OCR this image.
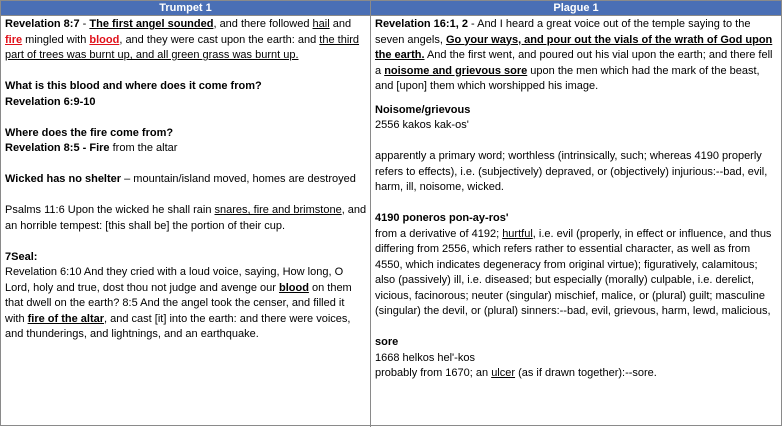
Trumpet 1	Plague 1

Revelation 8:7 - The first angel sounded, and there followed hail and fire mingled with blood, and they were cast upon the earth: and the third part of trees was burnt up, and all green grass was burnt up.

What is this blood and where does it come from?

Revelation 6:9-10

Where does the fire come from?

Revelation 8:5 - Fire from the altar

Wicked has no shelter – mountain/island moved, homes are destroyed

Psalms 11:6 Upon the wicked he shall rain snares, fire and brimstone, and an horrible tempest: [this shall be] the portion of their cup.

7Seal:

Revelation 6:10 And they cried with a loud voice, saying, How long, O Lord, holy and true, dost thou not judge and avenge our blood on them that dwell on the earth? 8:5 And the angel took the censer, and filled it with fire of the altar, and cast [it] into the earth: and there were voices, and thunderings, and lightnings, and an earthquake.

Revelation 16:1, 2 - And I heard a great voice out of the temple saying to the seven angels, Go your ways, and pour out the vials of the wrath of God upon the earth. And the first went, and poured out his vial upon the earth; and there fell a noisome and grievous sore upon the men which had the mark of the beast, and [upon] them which worshipped his image.

Noisome/grievous

2556 kakos kak-os'

apparently a primary word; worthless (intrinsically, such; whereas 4190 properly refers to effects), i.e. (subjectively) depraved, or (objectively) injurious:--bad, evil, harm, ill, noisome, wicked.

4190 poneros pon-ay-ros'

from a derivative of 4192; hurtful, i.e. evil (properly, in effect or influence, and thus differing from 2556, which refers rather to essential character, as well as from 4550, which indicates degeneracy from original virtue); figuratively, calamitous; also (passively) ill, i.e. diseased; but especially (morally) culpable, i.e. derelict, vicious, facinorous; neuter (singular) mischief, malice, or (plural) guilt; masculine (singular) the devil, or (plural) sinners:--bad, evil, grievous, harm, lewd, malicious,

sore

1668 helkos hel'-kos

probably from 1670; an ulcer (as if drawn together):--sore.
